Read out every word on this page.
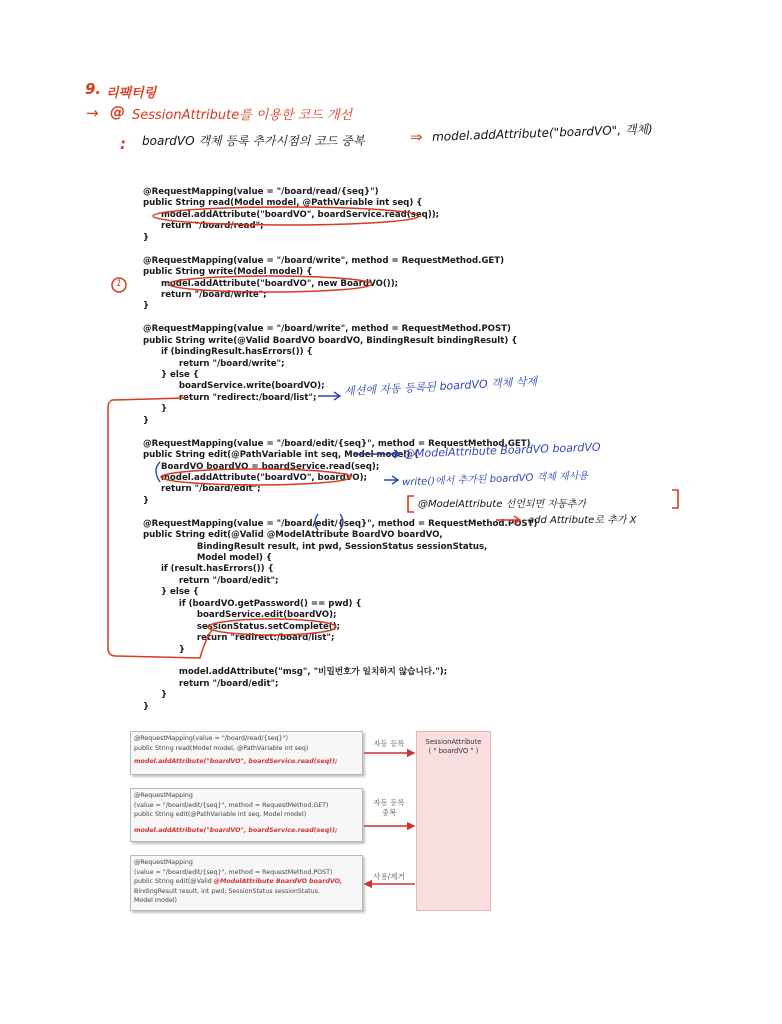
9. 리팩터링
→ @ SessionAttribute를 이용한 코드 개선
: boardVO 객체 등록 추가시점의 코드 중복	⇒ model.addAttribute("boardVO", 객체)
@RequestMapping(value = "/board/read/{seq}")
public String read(Model model, @PathVariable int seq) {
model.addAttribute("boardVO", boardService.read(seq));
return "/board/read";
}
@RequestMapping(value = "/board/write", method = RequestMethod.GET)
public String write(Model model) {
model.addAttribute("boardVO", new BoardVO());
return "/board/write";
}
@RequestMapping(value = "/board/write", method = RequestMethod.POST)
public String write(@Valid BoardVO boardVO, BindingResult bindingResult) {
if (bindingResult.hasErrors()) {
return "/board/write";
} else {
boardService.write(boardVO);
return "redirect:/board/list";
}
}
@RequestMapping(value = "/board/edit/{seq}", method = RequestMethod.GET)
public String edit(@PathVariable int seq, Model model) {
BoardVO boardVO = boardService.read(seq);
model.addAttribute("boardVO", boardVO);
return "/board/edit";
}
@RequestMapping(value = "/board/edit/{seq}", method = RequestMethod.POST)
public String edit(@Valid @ModelAttribute BoardVO boardVO,
BindingResult result, int pwd, SessionStatus sessionStatus,
Model model) {
if (result.hasErrors()) {
return "/board/edit";
} else {
if (boardVO.getPassword() == pwd) {
boardService.edit(boardVO);
sessionStatus.setComplete();
return "redirect:/board/list";
}
model.addAttribute("msg", "비밀번호가 일치하지 않습니다.");
return "/board/edit";
}
}
1
세션에 자동 등록된 boardVO 객체 삭제
@ModelAttribute BoardVO boardVO
write()에서 추가된 boardVO 객체 재사용
@ModelAttribute 선언되면 자동추가
add Attribute로 추가 X
@RequestMapping(value = "/board/read/{seq}")
public String read(Model model, @PathVariable int seq)
model.addAttribute("boardVO", boardService.read(seq));
@RequestMapping
(value = "/board/edit/{seq}", method = RequestMethod.GET)
public String edit(@PathVariable int seq, Model model)
model.addAttribute("boardVO", boardService.read(seq));
@RequestMapping
(value = "/board/edit/{seq}", method = RequestMethod.POST)
public String edit(@Valid @ModelAttribute BoardVO boardVO,
BindingResult result, int pwd, SessionStatus sessionStatus,
Model model)
SessionAttribute
( " boardVO " )
자동 등록
자동 등록
중복
사용/제거
